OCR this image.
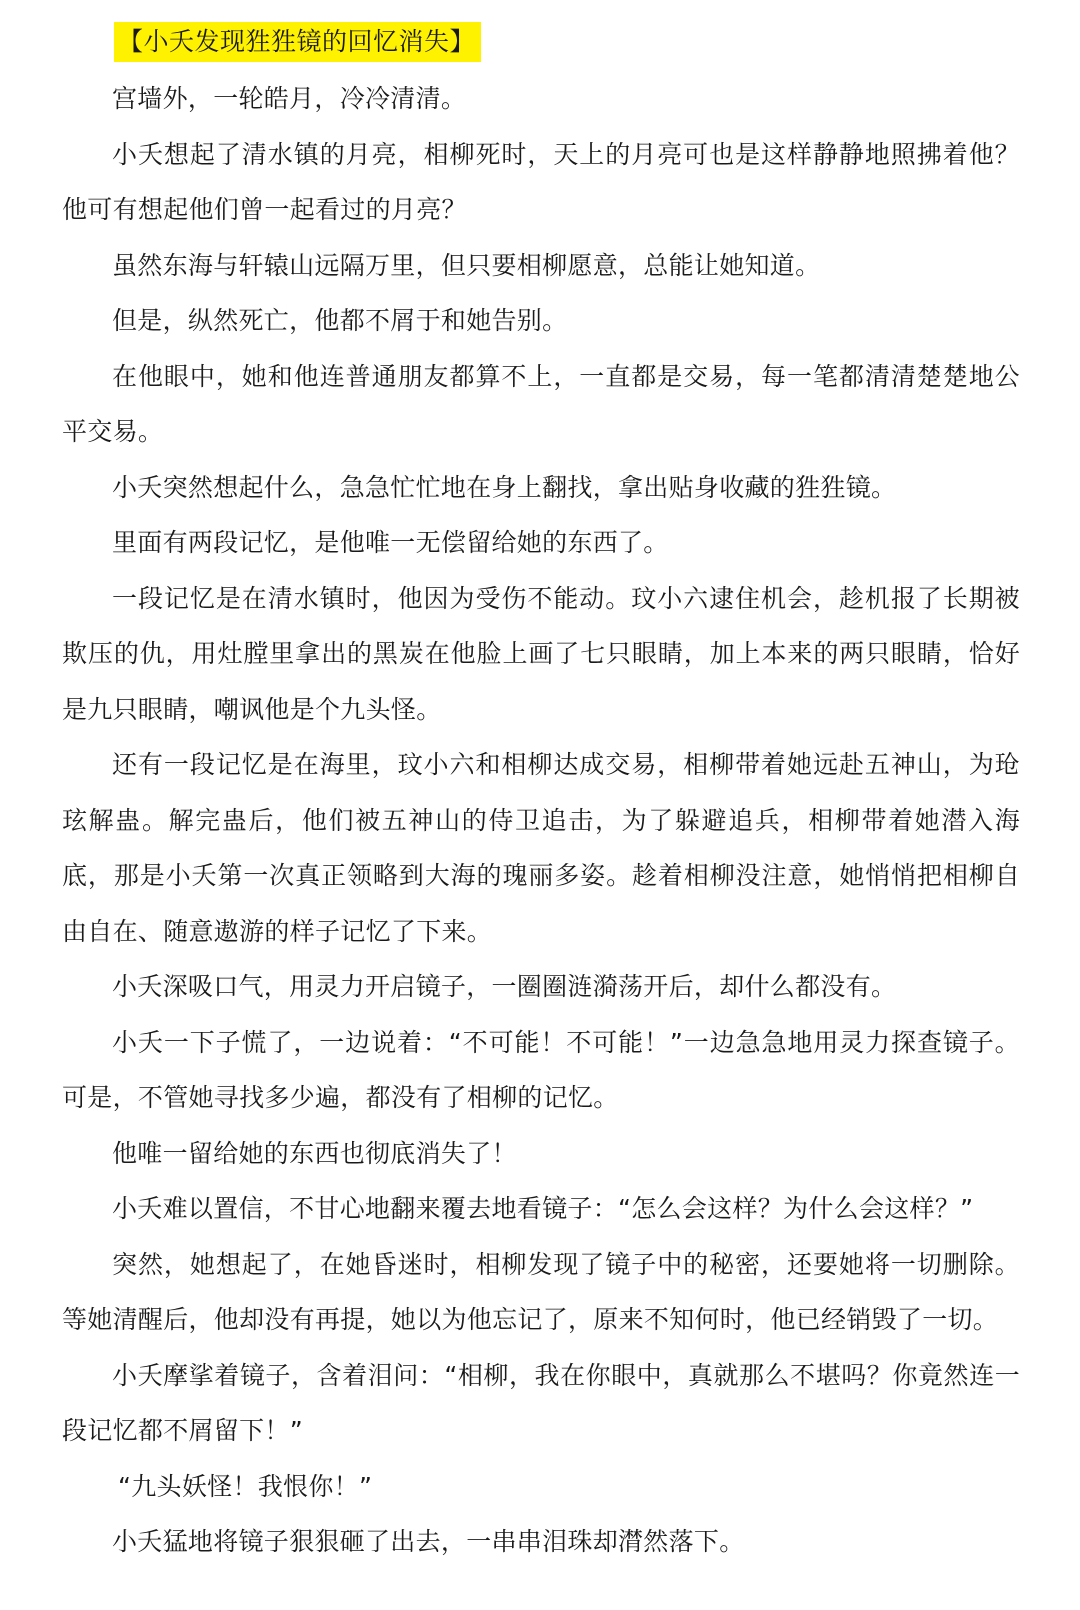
【小夭发现狌狌镜的回忆消失】

宫墙外，一轮皓月，冷冷清清。

小夭想起了清水镇的月亮，相柳死时，天上的月亮可也是这样静静地照拂着他？他可有想起他们曾一起看过的月亮？

虽然东海与轩辕山远隔万里，但只要相柳愿意，总能让她知道。

但是，纵然死亡，他都不屑于和她告别。

在他眼中，她和他连普通朋友都算不上，一直都是交易，每一笔都清清楚楚地公平交易。

小夭突然想起什么，急急忙忙地在身上翻找，拿出贴身收藏的狌狌镜。

里面有两段记忆，是他唯一无偿留给她的东西了。

一段记忆是在清水镇时，他因为受伤不能动。玟小六逮住机会，趁机报了长期被欺压的仇，用灶膛里拿出的黑炭在他脸上画了七只眼睛，加上本来的两只眼睛，恰好是九只眼睛，嘲讽他是个九头怪。

还有一段记忆是在海里，玟小六和相柳达成交易，相柳带着她远赴五神山，为玱玹解蛊。解完蛊后，他们被五神山的侍卫追击，为了躲避追兵，相柳带着她潜入海底，那是小夭第一次真正领略到大海的瑰丽多姿。趁着相柳没注意，她悄悄把相柳自由自在、随意遨游的样子记忆了下来。

小夭深吸口气，用灵力开启镜子，一圈圈涟漪荡开后，却什么都没有。

小夭一下子慌了，一边说着：“不可能！不可能！”一边急急地用灵力探查镜子。可是，不管她寻找多少遍，都没有了相柳的记忆。

他唯一留给她的东西也彻底消失了！

小夭难以置信，不甘心地翻来覆去地看镜子：“怎么会这样？为什么会这样？”

突然，她想起了，在她昏迷时，相柳发现了镜子中的秘密，还要她将一切删除。等她清醒后，他却没有再提，她以为他忘记了，原来不知何时，他已经销毁了一切。

小夭摩挲着镜子，含着泪问：“相柳，我在你眼中，真就那么不堪吗？你竟然连一段记忆都不屑留下！”

“九头妖怪！我恨你！”

小夭猛地将镜子狠狠砸了出去，一串串泪珠却潸然落下。
